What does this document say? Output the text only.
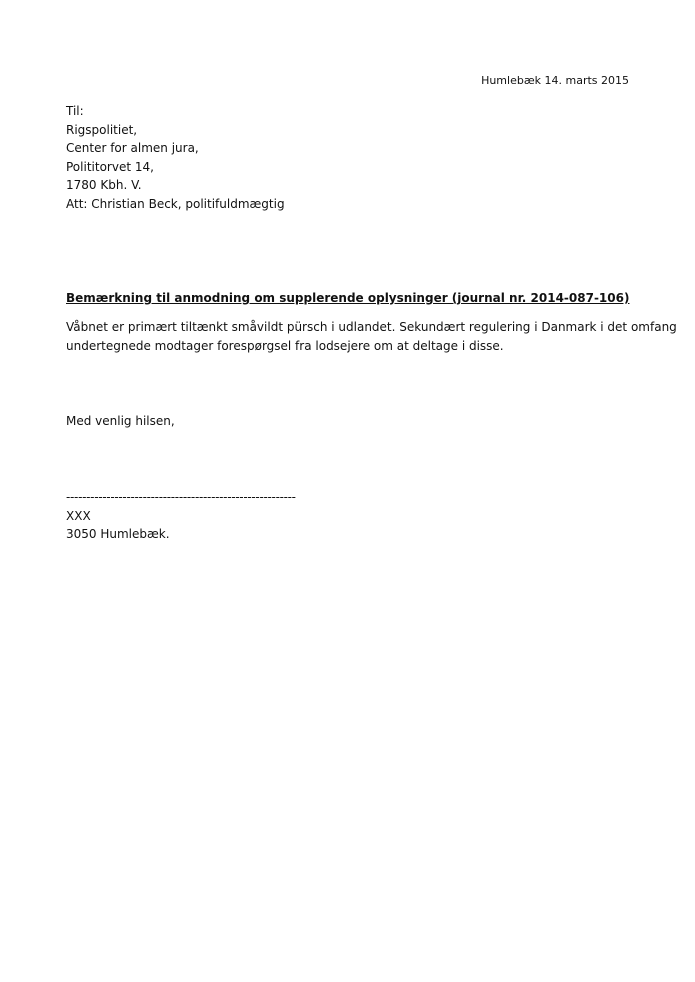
Humlebæk 14. marts 2015
Til:
Rigspolitiet,
Center for almen jura,
Polititorvet 14,
1780 Kbh. V.
Att: Christian Beck, politifuldmægtig
Bemærkning til anmodning om supplerende oplysninger (journal nr. 2014-087-106)
Våbnet er primært tiltænkt småvildt pürsch i udlandet. Sekundært regulering i Danmark i det omfang
undertegnede modtager forespørgsel fra lodsejere om at deltage i disse.
Med venlig hilsen,
---------------------------------------------------------
XXX
3050 Humlebæk.
